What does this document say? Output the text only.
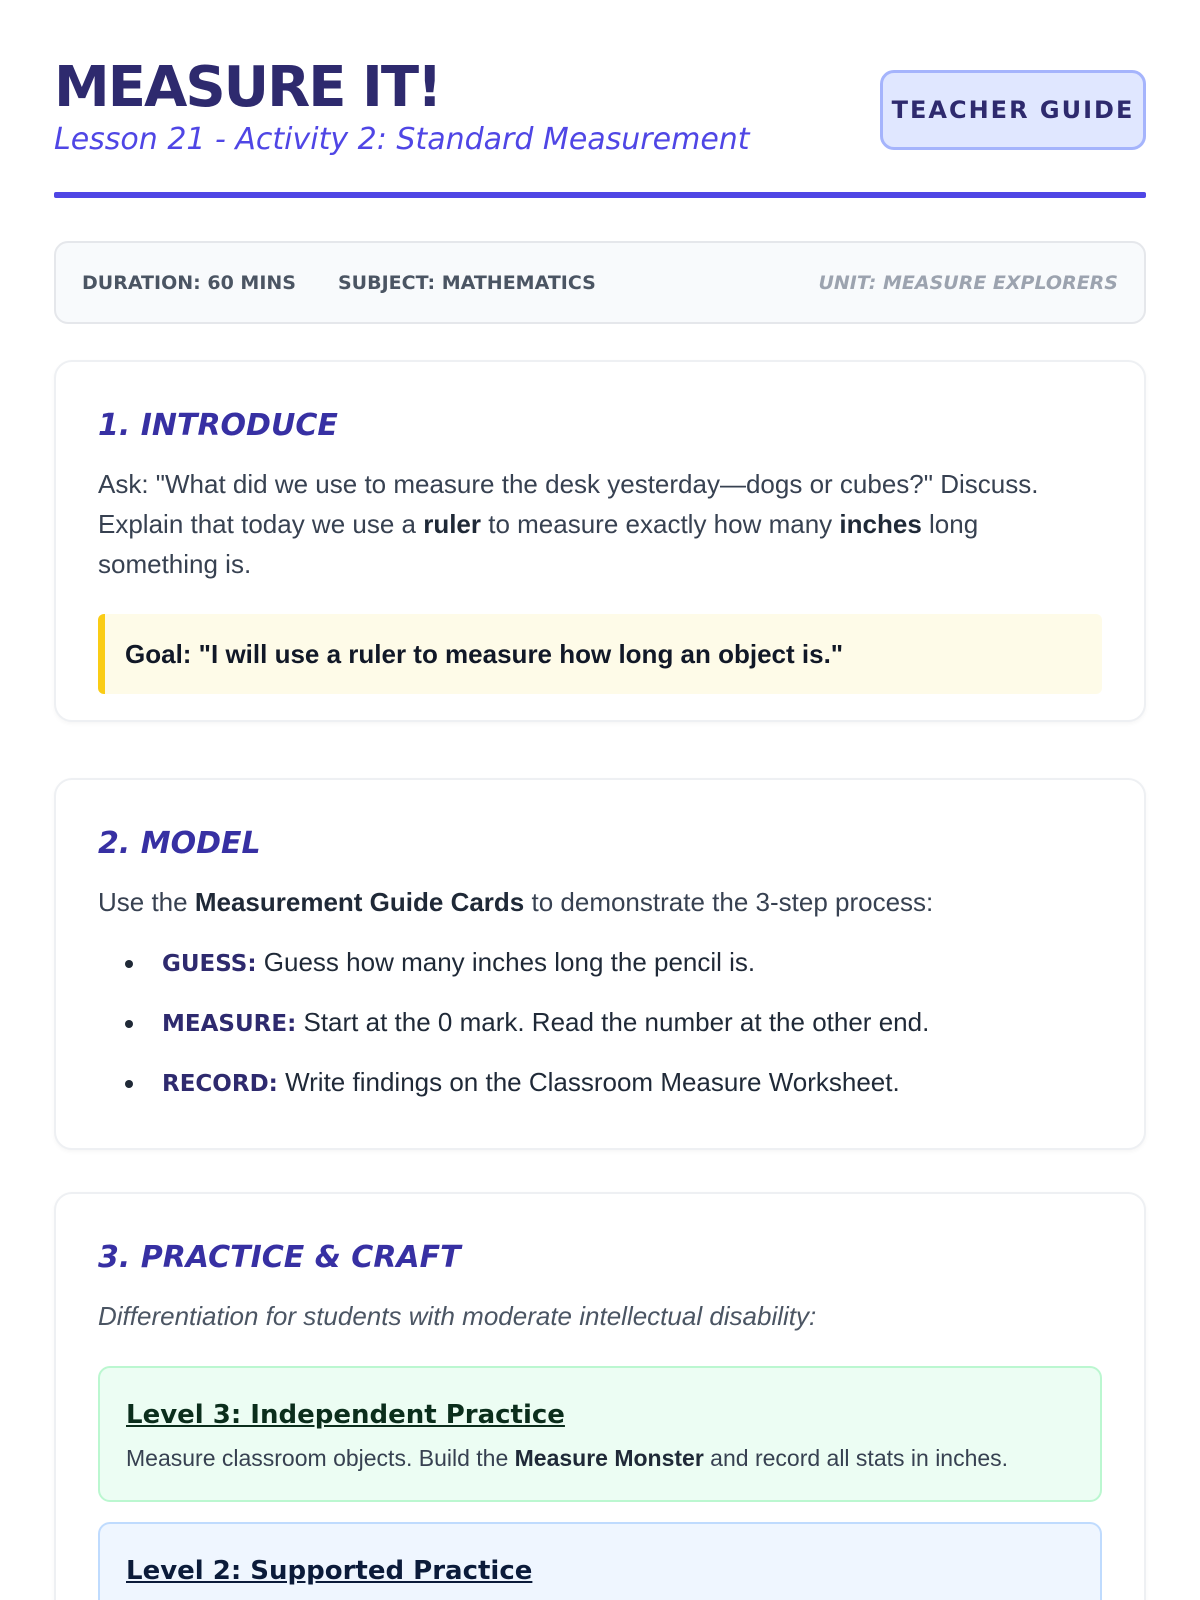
MEASURE IT!
Lesson 21 - Activity 2: Standard Measurement
TEACHER GUIDE
DURATION: 60 MINS SUBJECT: MATHEMATICS	UNIT: MEASURE EXPLORERS
1. INTRODUCE

Ask: "What did we use to measure the desk yesterday—dogs or cubes?" Discuss. Explain that today we use a ruler to measure exactly how many inches long something is.

Goal: "I will use a ruler to measure how long an object is."
2. MODEL

Use the Measurement Guide Cards to demonstrate the 3-step process:

GUESS: Guess how many inches long the pencil is.
MEASURE: Start at the 0 mark. Read the number at the other end.
RECORD: Write findings on the Classroom Measure Worksheet.
3. PRACTICE & CRAFT

Differentiation for students with moderate intellectual disability:

Level 3: Independent Practice

Measure classroom objects. Build the Measure Monster and record all stats in inches.

Level 2: Supported Practice
